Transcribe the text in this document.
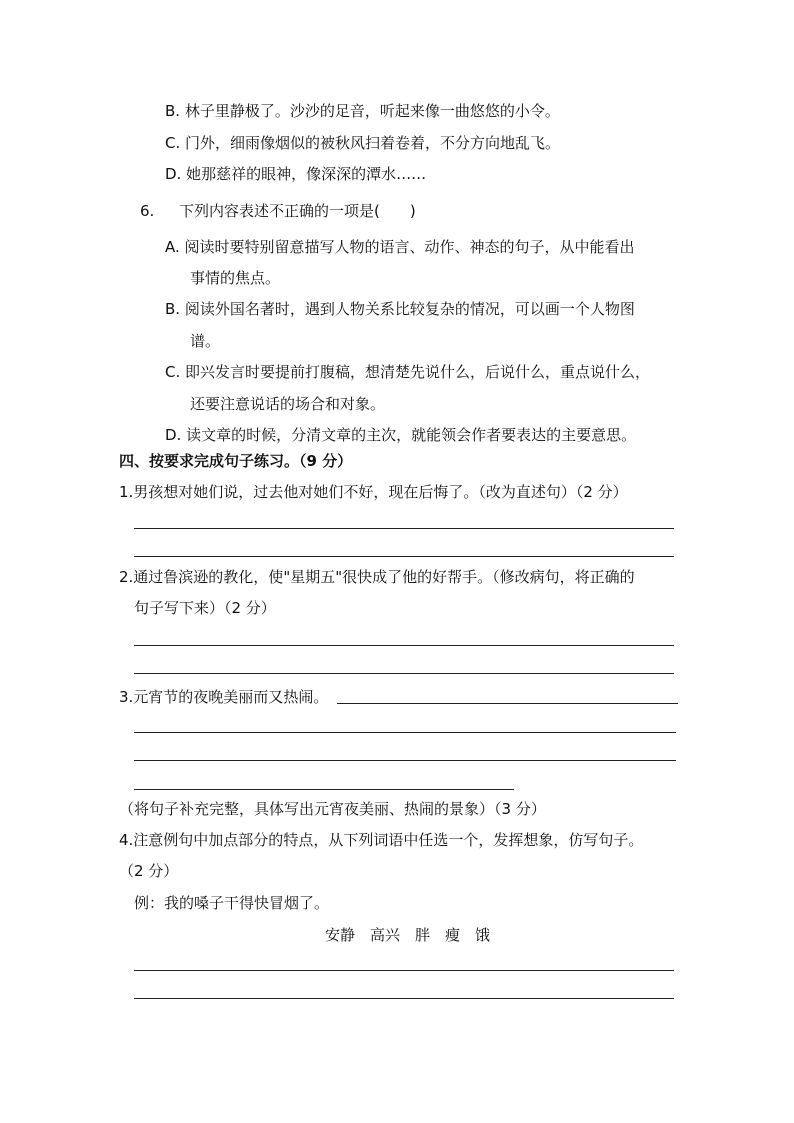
B. 林子里静极了。沙沙的足音，听起来像一曲悠悠的小令。
C. 门外，细雨像烟似的被秋风扫着卷着，不分方向地乱飞。
D. 她那慈祥的眼神，像深深的潭水……
6. 下列内容表述不正确的一项是(　　)
A. 阅读时要特别留意描写人物的语言、动作、神态的句子，从中能看出
事情的焦点。
B. 阅读外国名著时，遇到人物关系比较复杂的情况，可以画一个人物图
谱。
C. 即兴发言时要提前打腹稿，想清楚先说什么，后说什么，重点说什么，
还要注意说话的场合和对象。
D. 读文章的时候，分清文章的主次，就能领会作者要表达的主要意思。
四、按要求完成句子练习。（9 分）
1.男孩想对她们说，过去他对她们不好，现在后悔了。（改为直述句）（2 分）
2.通过鲁滨逊的教化，使"星期五"很快成了他的好帮手。（修改病句，将正确的
句子写下来）（2 分）
3.元宵节的夜晚美丽而又热闹。
（将句子补充完整，具体写出元宵夜美丽、热闹的景象）（3 分）
4.注意例句中加点部分的特点，从下列词语中任选一个，发挥想象，仿写句子。
（2 分）
例：我的嗓子干得快冒烟了。
安静　高兴　胖　瘦　饿
